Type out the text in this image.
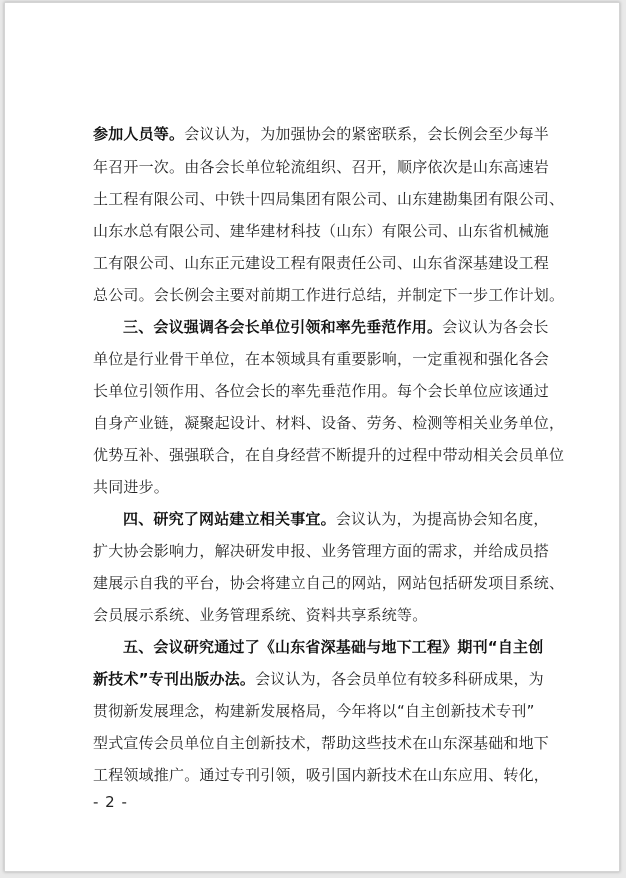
参加人员等。会议认为，为加强协会的紧密联系，会长例会至少每半
年召开一次。由各会长单位轮流组织、召开，顺序依次是山东高速岩
土工程有限公司、中铁十四局集团有限公司、山东建勘集团有限公司、
山东水总有限公司、建华建材科技（山东）有限公司、山东省机械施
工有限公司、山东正元建设工程有限责任公司、山东省深基建设工程
总公司。会长例会主要对前期工作进行总结，并制定下一步工作计划。
三、会议强调各会长单位引领和率先垂范作用。会议认为各会长
单位是行业骨干单位，在本领域具有重要影响，一定重视和强化各会
长单位引领作用、各位会长的率先垂范作用。每个会长单位应该通过
自身产业链，凝聚起设计、材料、设备、劳务、检测等相关业务单位，
优势互补、强强联合，在自身经营不断提升的过程中带动相关会员单位
共同进步。
四、研究了网站建立相关事宜。会议认为，为提高协会知名度，
扩大协会影响力，解决研发申报、业务管理方面的需求，并给成员搭
建展示自我的平台，协会将建立自己的网站，网站包括研发项目系统、
会员展示系统、业务管理系统、资料共享系统等。
五、会议研究通过了《山东省深基础与地下工程》期刊“自主创
新技术”专刊出版办法。会议认为，各会员单位有较多科研成果，为
贯彻新发展理念，构建新发展格局，今年将以“自主创新技术专刊”
型式宣传会员单位自主创新技术，帮助这些技术在山东深基础和地下
工程领域推广。通过专刊引领，吸引国内新技术在山东应用、转化，
- 2 -
